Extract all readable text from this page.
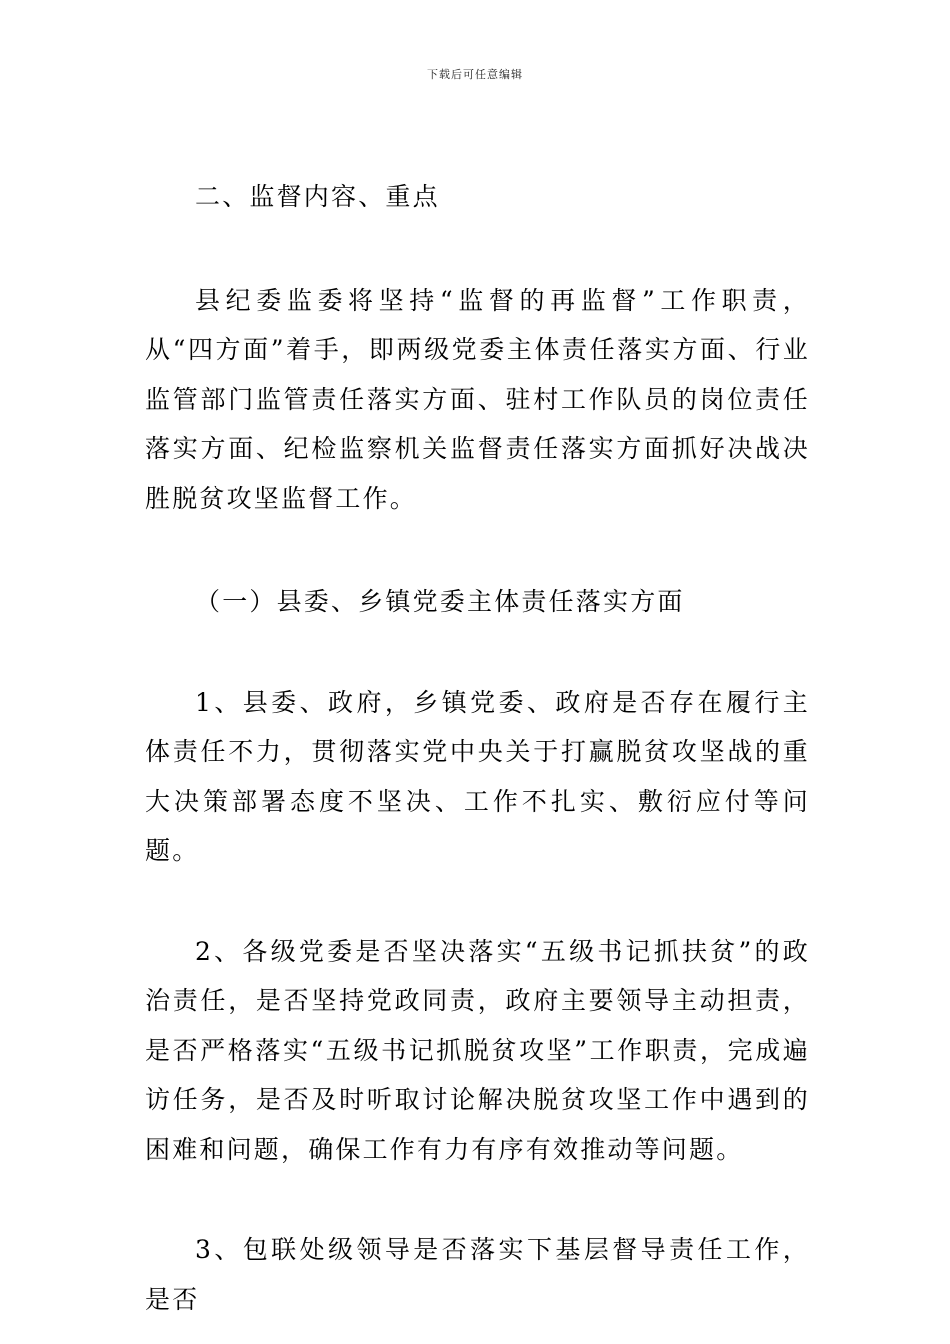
下载后可任意编辑

二、监督内容、重点

县纪委监委将坚持“监督的再监督”工作职责，从“四方面”着手，即两级党委主体责任落实方面、行业监管部门监管责任落实方面、驻村工作队员的岗位责任落实方面、纪检监察机关监督责任落实方面抓好决战决胜脱贫攻坚监督工作。

（一）县委、乡镇党委主体责任落实方面

1、县委、政府，乡镇党委、政府是否存在履行主体责任不力，贯彻落实党中央关于打赢脱贫攻坚战的重大决策部署态度不坚决、工作不扎实、敷衍应付等问题。

2、各级党委是否坚决落实“五级书记抓扶贫”的政治责任，是否坚持党政同责，政府主要领导主动担责，是否严格落实“五级书记抓脱贫攻坚”工作职责，完成遍访任务，是否及时听取讨论解决脱贫攻坚工作中遇到的困难和问题，确保工作有力有序有效推动等问题。

3、包联处级领导是否落实下基层督导责任工作，是否
